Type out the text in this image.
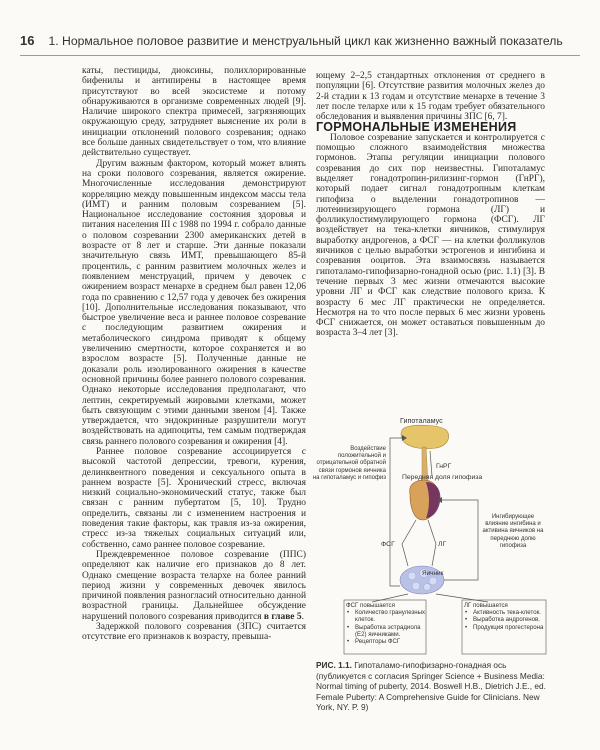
16 1. Нормальное половое развитие и менструальный цикл как жизненно важный показатель

каты, пестициды, диоксины, полихлорированные бифенилы и антипирены в настоящее время присутствуют во всей экосистеме и потому обнаруживаются в организме современных людей [9]. Наличие широкого спектра примесей, загрязняющих окружающую среду, затрудняет выяснение их роли в инициации отклонений полового созревания; однако все больше данных свидетельствует о том, что влияние действительно существует.

Другим важным фактором, который может влиять на сроки полового созревания, является ожирение. Многочисленные исследования демонстрируют корреляцию между повышенным индексом массы тела (ИМТ) и ранним половым созреванием [5]. Национальное исследование состояния здоровья и питания населения III с 1988 по 1994 г. собрало данные о половом созревании 2300 американских детей в возрасте от 8 лет и старше. Эти данные показали значительную связь ИМТ, превышающего 85-й процентиль, с ранним развитием молочных желез и появлением менструаций, причем у девочек с ожирением возраст менархе в среднем был равен 12,06 года по сравнению с 12,57 года у девочек без ожирения [10]. Дополнительные исследования показывают, что быстрое увеличение веса и раннее половое созревание с последующим развитием ожирения и метаболического синдрома приводят к общему увеличению смертности, которое сохраняется и во взрослом возрасте [5]. Полученные данные не доказали роль изолированного ожирения в качестве основной причины более раннего полового созревания. Однако некоторые исследования предполагают, что лептин, секретируемый жировыми клетками, может быть связующим с этими данными звеном [4]. Также утверждается, что эндокринные разрушители могут воздействовать на адипоциты, тем самым подтверждая связь раннего полового созревания и ожирения [4].

Раннее половое созревание ассоциируется с высокой частотой депрессии, тревоги, курения, делинквентного поведения и сексуального опыта в раннем возрасте [5]. Хронический стресс, включая низкий социально-экономический статус, также был связан с ранним пубертатом [5, 10]. Трудно определить, связаны ли с изменением настроения и поведения такие факторы, как травля из-за ожирения, стресс из-за тяжелых социальных ситуаций или, собственно, само раннее половое созревание.

Преждевременное половое созревание (ППС) определяют как наличие его признаков до 8 лет. Однако смещение возраста телархе на более ранний период жизни у современных девочек явилось причиной появления разногласий относительно данной возрастной границы. Дальнейшее обсуждение нарушений полового созревания приводится в главе 5.

Задержкой полового созревания (ЗПС) считается отсутствие его признаков к возрасту, превыша-

ющему 2–2,5 стандартных отклонения от среднего в популяции [6]. Отсутствие развития молочных желез до 2-й стадии к 13 годам и отсутствие менархе в течение 3 лет после телархе или к 15 годам требует обязательного обследования и выявления причины ЗПС [6, 7].

ГОРМОНАЛЬНЫЕ ИЗМЕНЕНИЯ

Половое созревание запускается и контролируется с помощью сложного взаимодействия множества гормонов. Этапы регуляции инициации полового созревания до сих пор неизвестны. Гипоталамус выделяет гонадотропин-рилизинг-гормон (ГнРГ), который подает сигнал гонадотропным клеткам гипофиза о выделении гонадотропинов — лютеинизирующего гормона (ЛГ) и фолликулостимулирующего гормона (ФСГ). ЛГ воздействует на тека-клетки яичников, стимулируя выработку андрогенов, а ФСГ — на клетки фолликулов яичников с целью выработки эстрогенов и ингибина и созревания ооцитов. Эта взаимосвязь называется гипоталамо-гипофизарно-гонадной осью (рис. 1.1) [3]. В течение первых 3 мес жизни отмечаются высокие уровни ЛГ и ФСГ как следствие полового криза. К возрасту 6 мес ЛГ практически не определяется. Несмотря на то что после первых 6 мес жизни уровень ФСГ снижается, он может оставаться повышенным до возраста 3–4 лет [3].

Гипоталамус
ГнРГ
Передняя доля гипофиза
ФСГ	ЛГ
Яичник
Воздействие положительной и отрицательной обратной связи гормонов яичника на гипоталамус и гипофиз
Ингибирующее влияние ингибина и активина яичников на переднюю долю гипофиза
ФСГ повышается
• Количество гранулезных клеток.
• Выработка эстрадиола (Е2) яичниками.
• Рецепторы ФСГ
ЛГ повышается
• Активность тека-клеток.
• Выработка андрогенов.
• Продукция прогестерона
РИС. 1.1. Гипоталамо-гипофизарно-гонадная ось (публикуется с согласия Springer Science + Business Media: Normal timing of puberty, 2014. Boswell H.B., Dietrich J.E., ed. Female Puberty: A Comprehensive Guide for Clinicians. New York, NY. P. 9)
